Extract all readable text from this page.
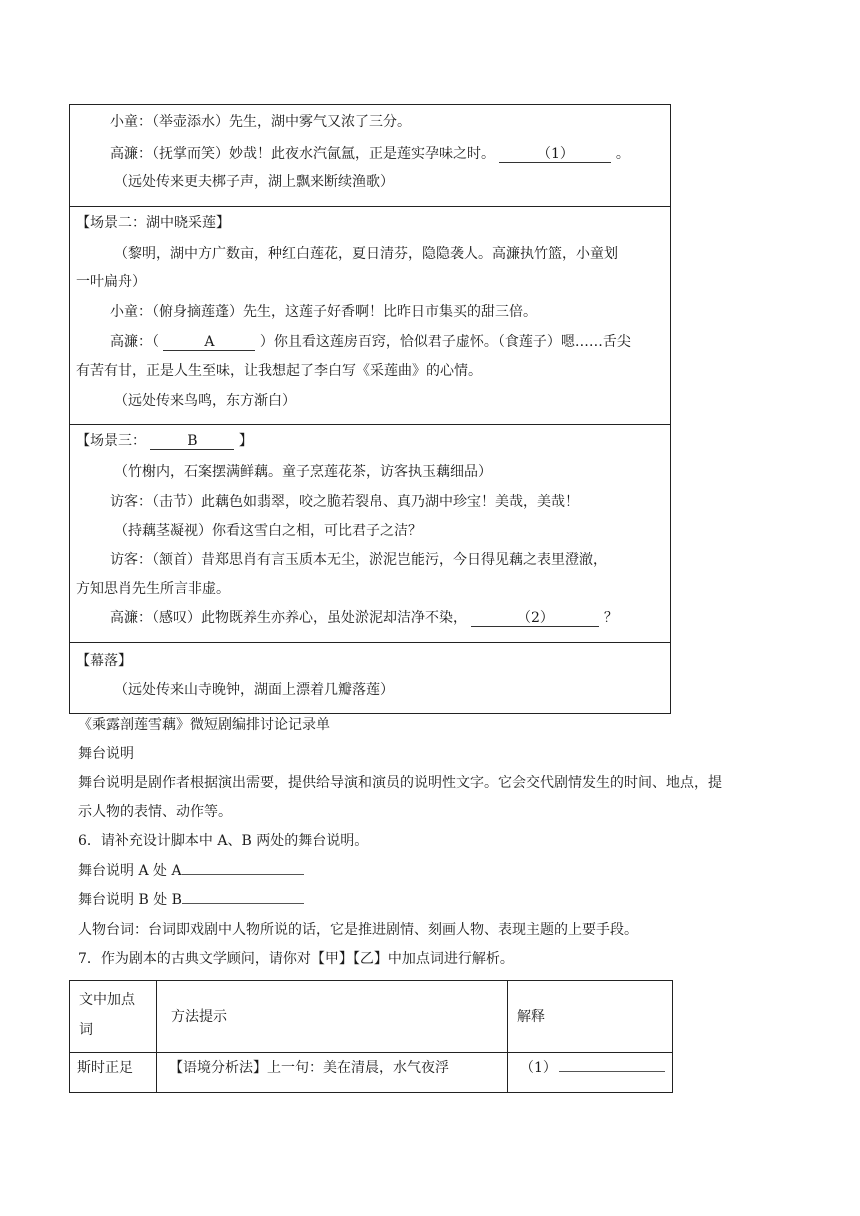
小童：（举壶添水）先生，湖中雾气又浓了三分。
高濂：（抚掌而笑）妙哉！此夜水汽氤氲，正是莲实孕味之时。	（1）	。
（远处传来更夫梆子声，湖上飘来断续渔歌）
【场景二：湖中晓采莲】
（黎明，湖中方广数亩，种红白莲花，夏日清芬，隐隐袭人。高濂执竹篮，小童划
一叶扁舟）
小童：（俯身摘莲蓬）先生，这莲子好香啊！比昨日市集买的甜三倍。
高濂：（	A	）你且看这莲房百窍，恰似君子虚怀。（食莲子）嗯……舌尖
有苦有甘，正是人生至味，让我想起了李白写《采莲曲》的心情。
（远处传来鸟鸣，东方渐白）
【场景三：	B	】
（竹榭内，石案摆满鲜藕。童子烹莲花茶，访客执玉藕细品）
访客：（击节）此藕色如翡翠，咬之脆若裂帛、真乃湖中珍宝！美哉，美哉！
（持藕茎凝视）你看这雪白之相，可比君子之洁？
访客：（颔首）昔郑思肖有言玉质本无尘，淤泥岂能污，今日得见藕之表里澄澈，
方知思肖先生所言非虚。
高濂：（感叹）此物既养生亦养心，虽处淤泥却洁净不染，	（2）	？
【幕落】
（远处传来山寺晚钟，湖面上漂着几瓣落莲）
《乘露剖莲雪藕》微短剧编排讨论记录单
舞台说明
舞台说明是剧作者根据演出需要，提供给导演和演员的说明性文字。它会交代剧情发生的时间、地点，提
示人物的表情、动作等。
6．请补充设计脚本中 A、B 两处的舞台说明。
舞台说明 A 处 A
舞台说明 B 处 B
人物台词：台词即戏剧中人物所说的话，它是推进剧情、刻画人物、表现主题的上要手段。
7．作为剧本的古典文学顾问，请你对【甲】【乙】中加点词进行解析。
文中加点
词	方法提示	解释

斯时正足	【语境分析法】上一句：美在清晨，水气夜浮	（1）
